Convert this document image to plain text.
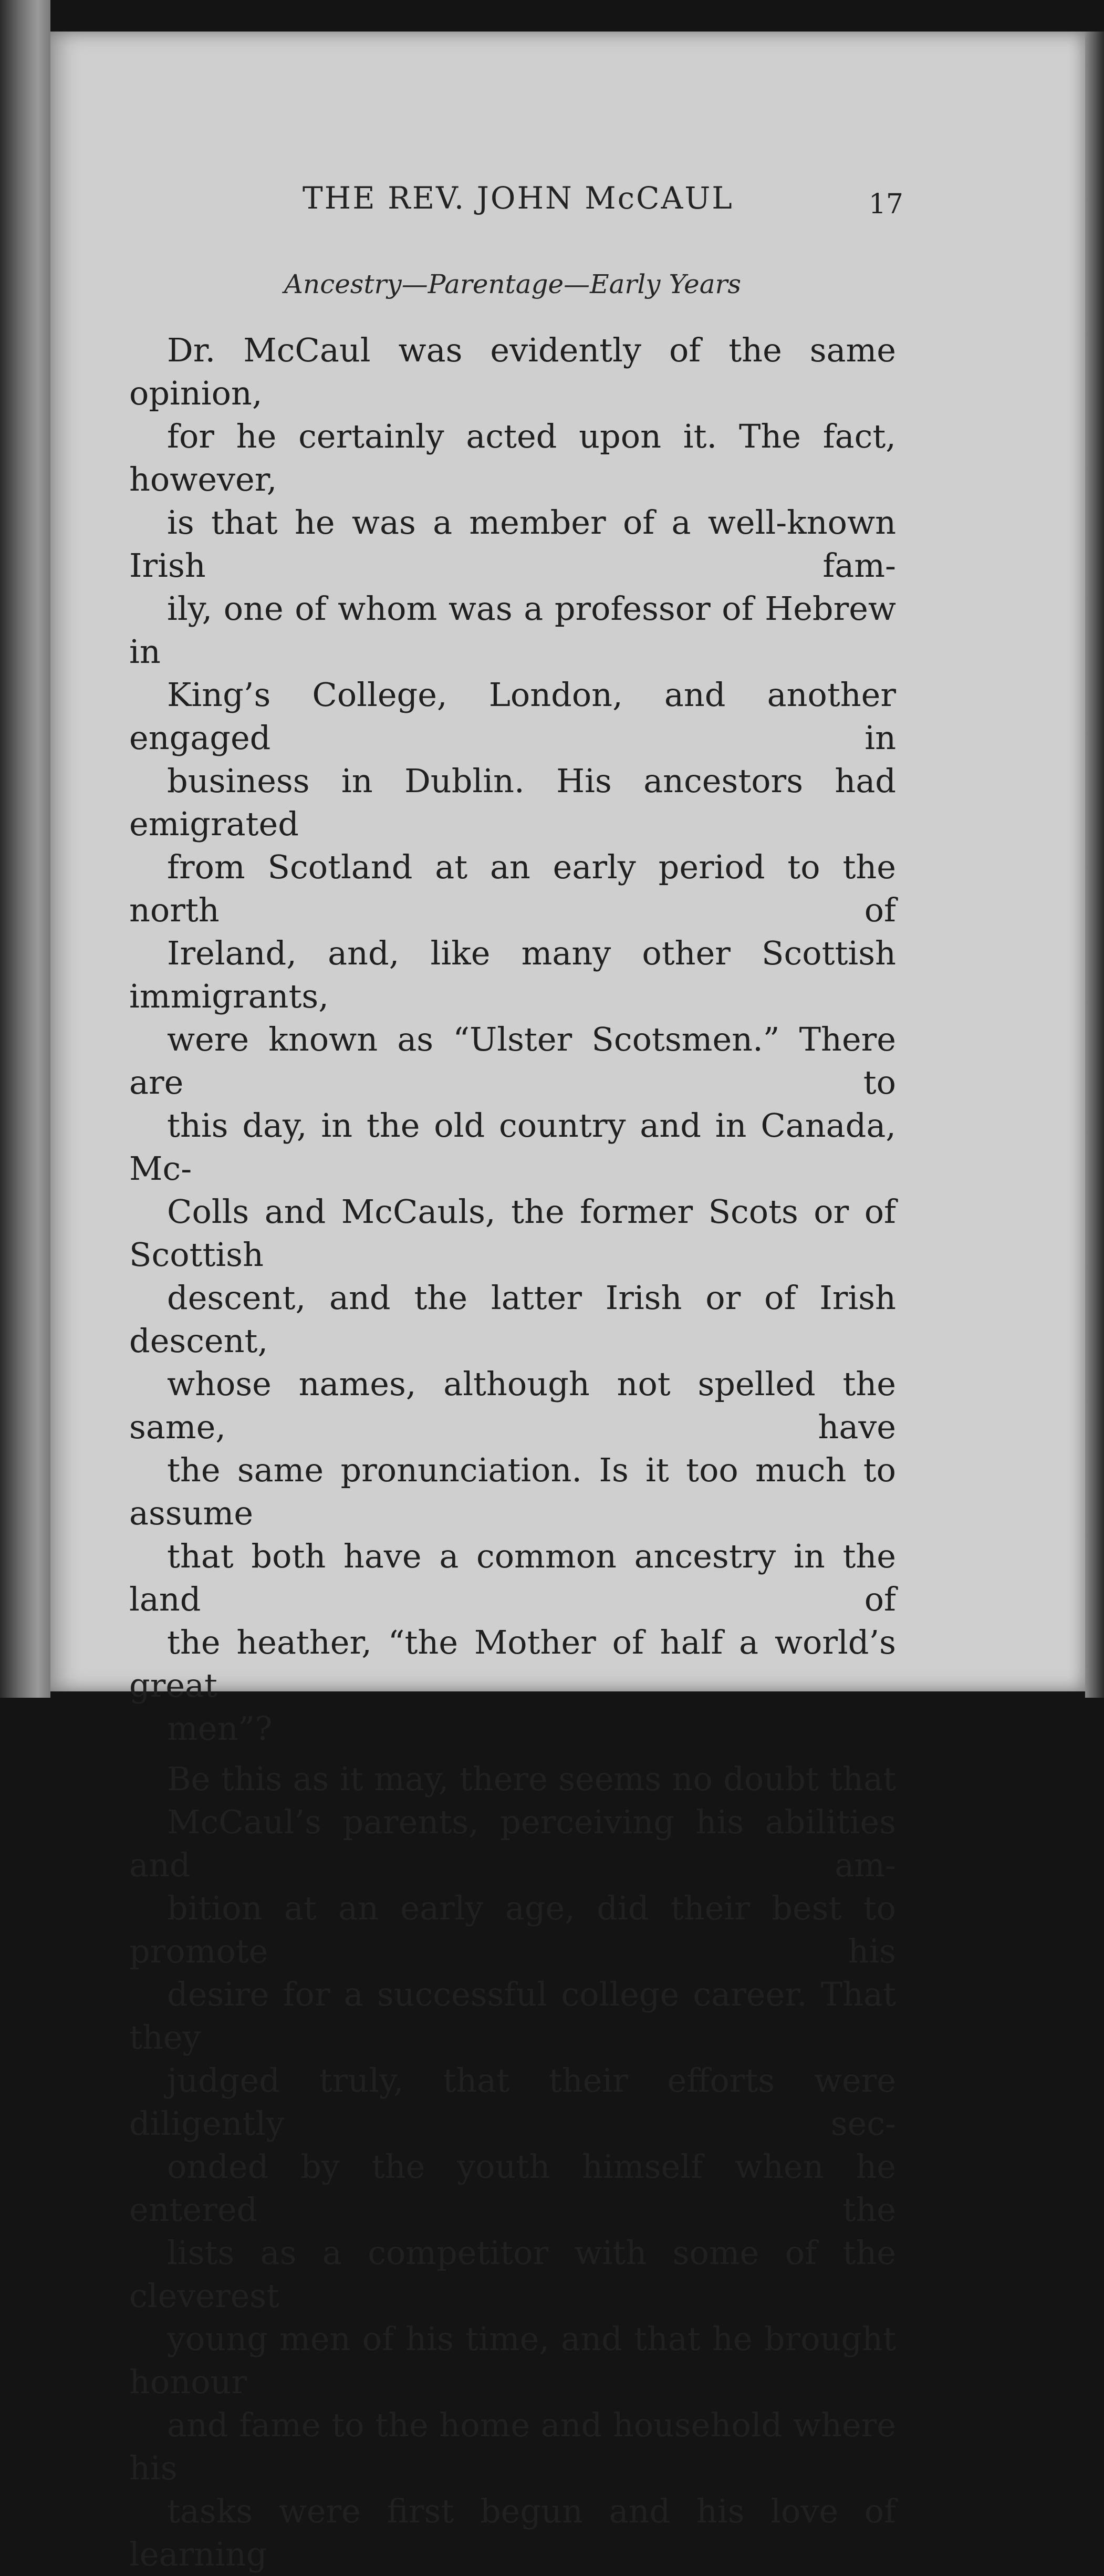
THE REV. JOHN McCAUL	17
Ancestry—Parentage—Early Years
Dr. McCaul was evidently of the same opinion,
for he certainly acted upon it. The fact, however,
is that he was a member of a well-known Irish fam-
ily, one of whom was a professor of Hebrew in
King’s College, London, and another engaged in
business in Dublin. His ancestors had emigrated
from Scotland at an early period to the north of
Ireland, and, like many other Scottish immigrants,
were known as “Ulster Scotsmen.” There are to
this day, in the old country and in Canada, Mc-
Colls and McCauls, the former Scots or of Scottish
descent, and the latter Irish or of Irish descent,
whose names, although not spelled the same, have
the same pronunciation. Is it too much to assume
that both have a common ancestry in the land of
the heather, “the Mother of half a world’s great
men”?
Be this as it may, there seems no doubt that
McCaul’s parents, perceiving his abilities and am-
bition at an early age, did their best to promote his
desire for a successful college career. That they
judged truly, that their efforts were diligently sec-
onded by the youth himself when he entered the
lists as a competitor with some of the cleverest
young men of his time, and that he brought honour
and fame to the home and household where his
tasks were first begun and his love of learning
